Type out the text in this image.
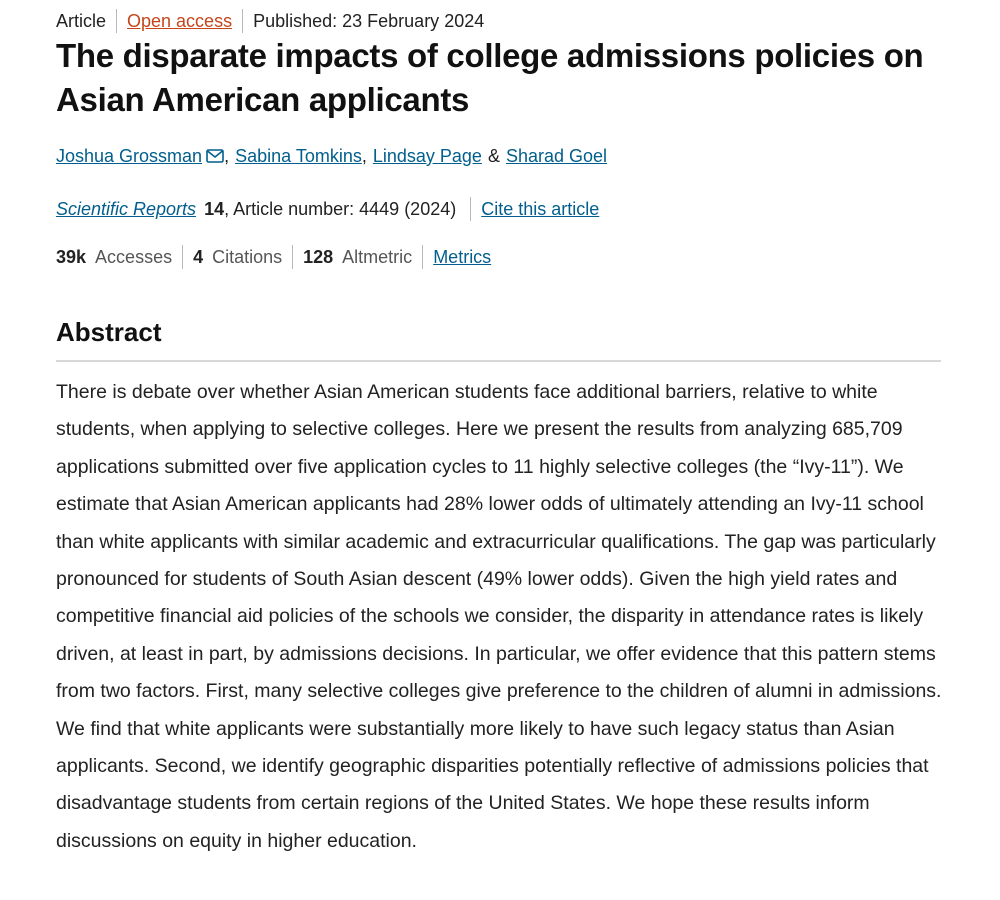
Article Open access Published: 23 February 2024
The disparate impacts of college admissions policies on Asian American applicants
Joshua Grossman , Sabina Tomkins , Lindsay Page & Sharad Goel
Scientific Reports 14 , Article number: 4449 (2024) Cite this article
39k Accesses 4 Citations 128 Altmetric Metrics
Abstract

There is debate over whether Asian American students face additional barriers, relative to white students, when applying to selective colleges. Here we present the results from analyzing 685,709 applications submitted over five application cycles to 11 highly selective colleges (the “Ivy-11”). We estimate that Asian American applicants had 28% lower odds of ultimately attending an Ivy-11 school than white applicants with similar academic and extracurricular qualifications. The gap was particularly pronounced for students of South Asian descent (49% lower odds). Given the high yield rates and competitive financial aid policies of the schools we consider, the disparity in attendance rates is likely driven, at least in part, by admissions decisions. In particular, we offer evidence that this pattern stems from two factors. First, many selective colleges give preference to the children of alumni in admissions. We find that white applicants were substantially more likely to have such legacy status than Asian applicants. Second, we identify geographic disparities potentially reflective of admissions policies that disadvantage students from certain regions of the United States. We hope these results inform discussions on equity in higher education.
